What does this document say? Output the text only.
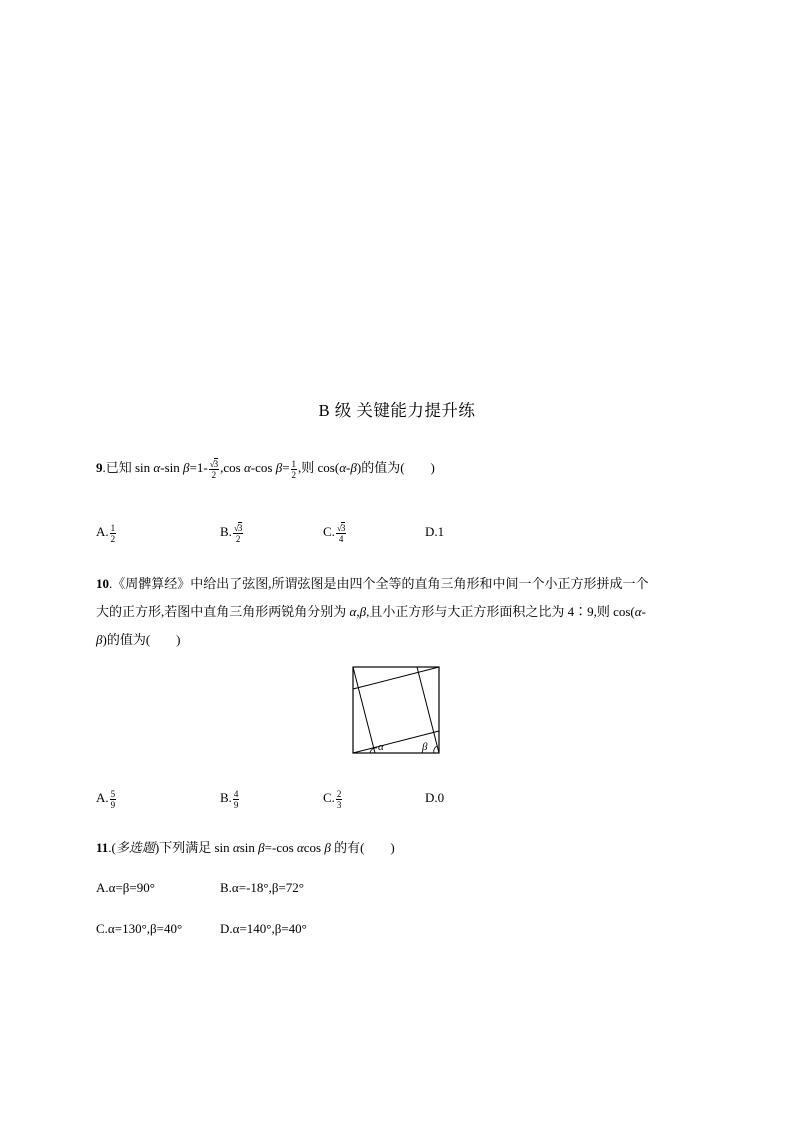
B 级 关键能力提升练
9.已知 sin α-sin $\beta=1- \frac{√3}{2} ,\cos$ α-cos $\beta= \frac{1}{2}$ ,则 cos(α-β)的值为(　　)
A. $\frac{1}{2}$	B. $\frac{√3}{2}$	C. $\frac{√3}{4}$	D.1
10.《周髀算经》中给出了弦图,所谓弦图是由四个全等的直角三角形和中间一个小正方形拼成一个
大的正方形,若图中直角三角形两锐角分别为 α,β,且小正方形与大正方形面积之比为 4∶9,则 cos(α-
β)的值为(　　)
α	β
A. $\frac{5}{9}$	B. $\frac{4}{9}$	C. $\frac{2}{3}$	D.0
11.(多选题)下列满足 sin αsin β=-cos αcos β 的有(　　)
A.α=β=90°	B.α=-18°,β=72°
C.α=130°,β=40°	D.α=140°,β=40°
